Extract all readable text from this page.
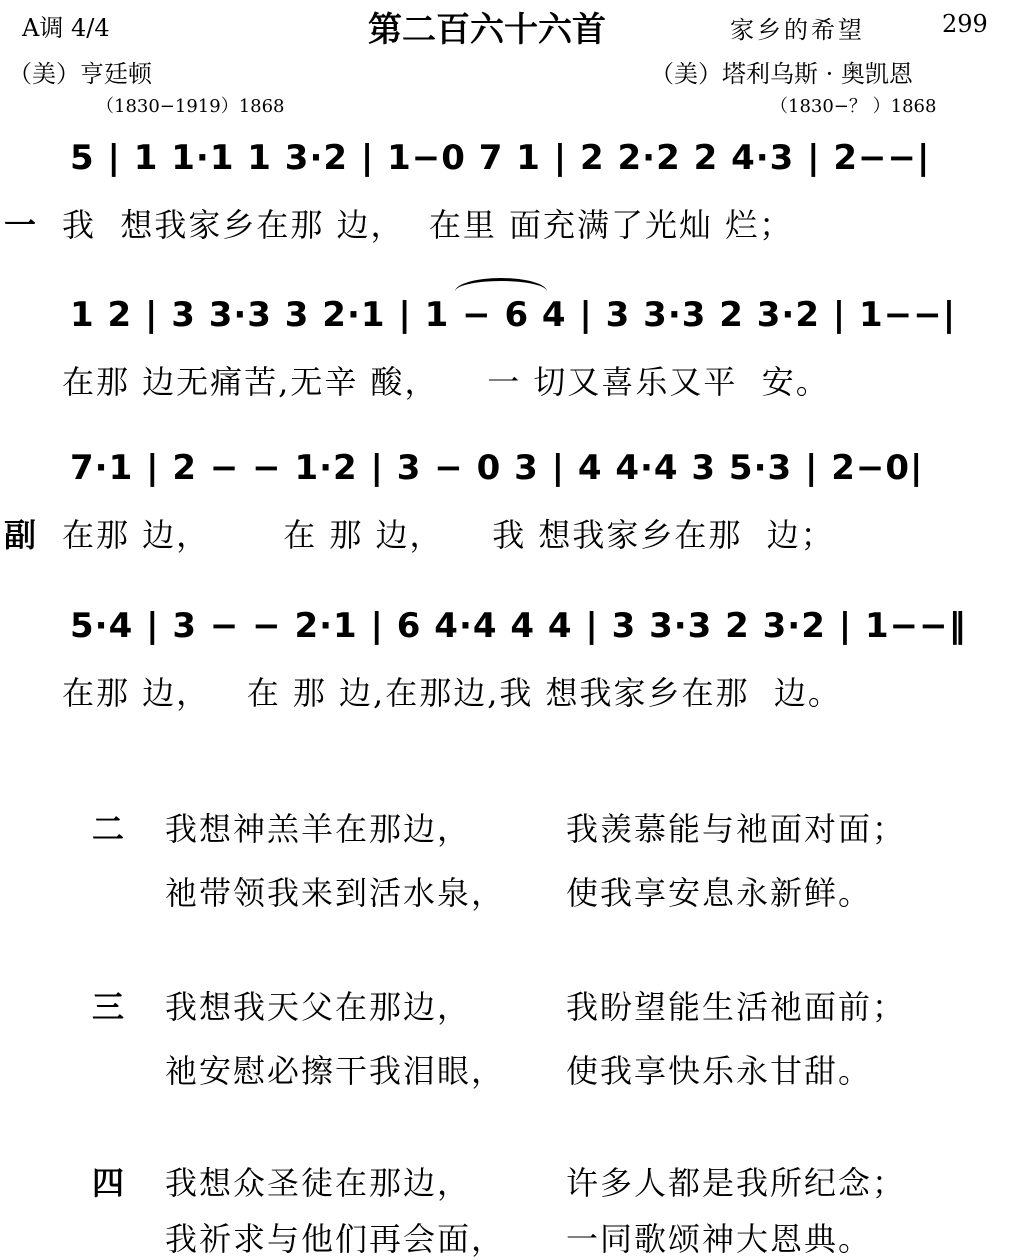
A调 4/4	第二百六十六首	家乡的希望	299
（美）亨廷顿
（1830−1919）1868
（美）塔利乌斯 · 奥凯恩
（1830−？ ）1868
5 | 1 1·1 1 3·2 | 1−0 7 1 | 2 2·2 2 4·3 | 2−−|
一 我  想我家乡在那 边，  在里 面充满了光灿 烂；
1 2 | 3 3·3 3 2·1 | 1 − 6 4 | 3 3·3 2 3·2 | 1−−|
在那 边无痛苦,无辛 酸，    一 切又喜乐又平  安。
7·1 | 2 − − 1·2 | 3 − 0 3 | 4 4·4 3 5·3 | 2−0|
副 在那 边，      在 那 边，    我 想我家乡在那  边；
5·4 | 3 − − 2·1 | 6 4·4 4 4 | 3 3·3 2 3·2 | 1−−‖
在那 边，   在 那 边,在那边,我 想我家乡在那  边。
二 我想神羔羊在那边，	我羡慕能与祂面对面；
祂带领我来到活水泉， 使我享安息永新鲜。
三 我想我天父在那边，	我盼望能生活祂面前；
祂安慰必擦干我泪眼， 使我享快乐永甘甜。
四 我想众圣徒在那边，	许多人都是我所纪念；
我祈求与他们再会面， 一同歌颂神大恩典。
